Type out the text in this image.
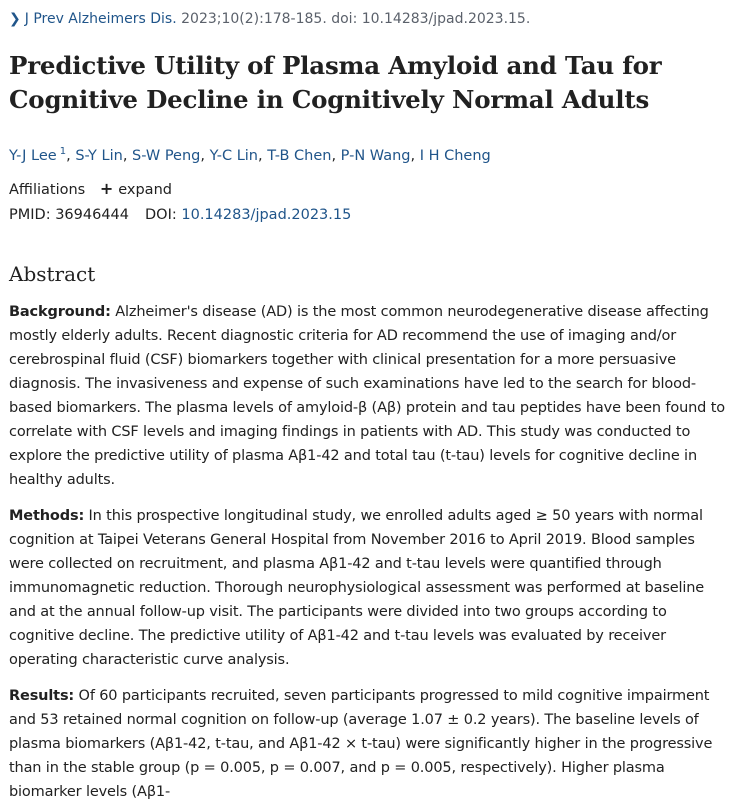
❯ J Prev Alzheimers Dis. 2023;10(2):178-185. doi: 10.14283/jpad.2023.15.
Predictive Utility of Plasma Amyloid and Tau for Cognitive Decline in Cognitively Normal Adults
Y-J Lee $^1$, S-Y Lin, S-W Peng, Y-C Lin, T-B Chen, P-N Wang, I H Cheng
Affiliations + expand
PMID: 36946444 DOI: 10.14283/jpad.2023.15
Abstract

Background: Alzheimer's disease (AD) is the most common neurodegenerative disease affecting mostly elderly adults. Recent diagnostic criteria for AD recommend the use of imaging and/or cerebrospinal fluid (CSF) biomarkers together with clinical presentation for a more persuasive diagnosis. The invasiveness and expense of such examinations have led to the search for blood-based biomarkers. The plasma levels of amyloid-β (Aβ) protein and tau peptides have been found to correlate with CSF levels and imaging findings in patients with AD. This study was conducted to explore the predictive utility of plasma Aβ1-42 and total tau (t-tau) levels for cognitive decline in healthy adults.

Methods: In this prospective longitudinal study, we enrolled adults aged ≥ 50 years with normal cognition at Taipei Veterans General Hospital from November 2016 to April 2019. Blood samples were collected on recruitment, and plasma Aβ1-42 and t-tau levels were quantified through immunomagnetic reduction. Thorough neurophysiological assessment was performed at baseline and at the annual follow-up visit. The participants were divided into two groups according to cognitive decline. The predictive utility of Aβ1-42 and t-tau levels was evaluated by receiver operating characteristic curve analysis.

Results: Of 60 participants recruited, seven participants progressed to mild cognitive impairment and 53 retained normal cognition on follow-up (average 1.07 ± 0.2 years). The baseline levels of plasma biomarkers (Aβ1-42, t-tau, and Aβ1-42 × t-tau) were significantly higher in the progressive than in the stable group (p = 0.005, p = 0.007, and p = 0.005, respectively). Higher plasma biomarker levels (Aβ1-
